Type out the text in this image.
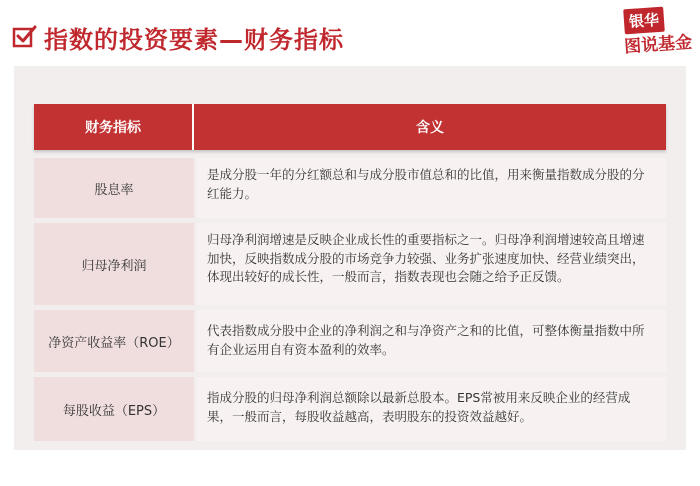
指数的投资要素—财务指标
银华
图说基金
财务指标	含义
股息率
是成分股一年的分红额总和与成分股市值总和的比值，用来衡量指数成分股的分红能力。
归母净利润
归母净利润增速是反映企业成长性的重要指标之一。归母净利润增速较高且增速加快，反映指数成分股的市场竞争力较强、业务扩张速度加快、经营业绩突出，体现出较好的成长性，一般而言，指数表现也会随之给予正反馈。
净资产收益率（ROE）
代表指数成分股中企业的净利润之和与净资产之和的比值，可整体衡量指数中所有企业运用自有资本盈利的效率。
每股收益（EPS）
指成分股的归母净利润总额除以最新总股本。EPS常被用来反映企业的经营成果，一般而言，每股收益越高，表明股东的投资效益越好。
